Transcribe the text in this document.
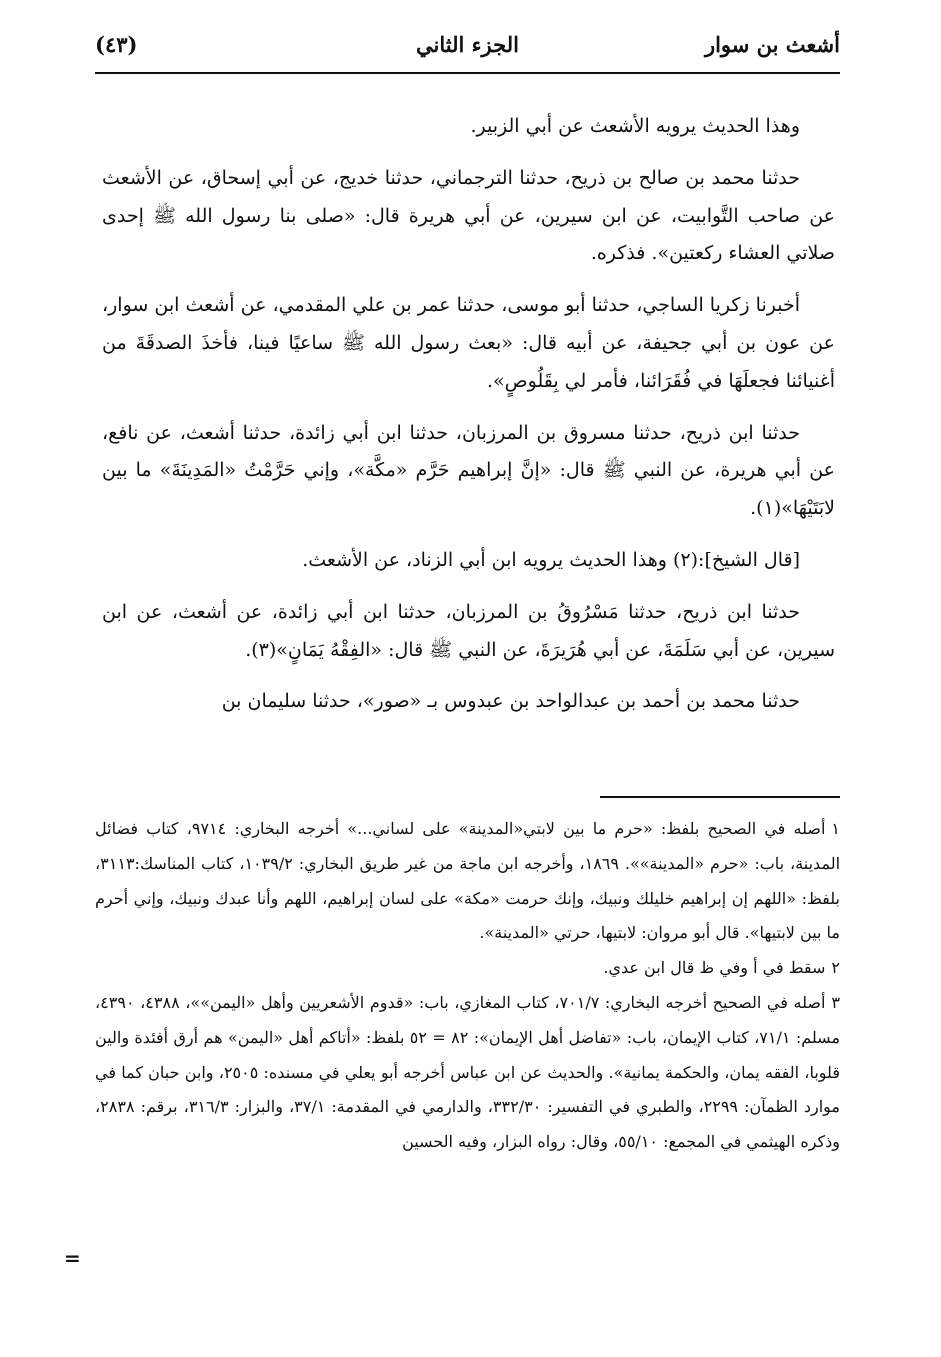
أشعث بن سوار
الجزء الثاني
(٤٣)

وهذا الحديث يرويه الأشعث عن أبي الزبير.

حدثنا محمد بن صالح بن ذريح، حدثنا الترجماني، حدثنا خديج، عن أبي إسحاق، عن الأشعث عن صاحب التَّوابيت، عن ابن سيرين، عن أبي هريرة قال: «صلى بنا رسول الله ﷺ إحدى صلاتي العشاء ركعتين». فذكره.

أخبرنا زكريا الساجي، حدثنا أبو موسى، حدثنا عمر بن علي المقدمي، عن أشعث ابن سوار، عن عون بن أبي جحيفة، عن أبيه قال: «بعث رسول الله ﷺ ساعيًا فينا، فأخذَ الصدقَةَ من أغنيائنا فجعلَهَا في فُقَرَائنا، فأمر لي بِقَلُوصٍ».

حدثنا ابن ذريح، حدثنا مسروق بن المرزبان، حدثنا ابن أبي زائدة، حدثنا أشعث، عن نافع، عن أبي هريرة، عن النبي ﷺ قال: «إنَّ إبراهيم حَرَّم «مكَّة»، وإني حَرَّمْتُ «المَدِينَةَ» ما بين لابَتَيْهَا»(١).

[قال الشيخ]:(٢) وهذا الحديث يرويه ابن أبي الزناد، عن الأشعث.

حدثنا ابن ذريح، حدثنا مَسْرُوقُ بن المرزبان، حدثنا ابن أبي زائدة، عن أشعث، عن ابن سيرين، عن أبي سَلَمَةَ، عن أبي هُرَيرَةَ، عن النبي ﷺ قال: «الفِقْهُ يَمَانٍ»(٣).

حدثنا محمد بن أحمد بن عبدالواحد بن عبدوس بـ «صور»، حدثنا سليمان بن

١أصله في الصحيح بلفظ: «حرم ما بين لابتي«المدينة» على لساني...» أخرجه البخاري: ٩٧١٤، كتاب فضائل المدينة، باب: «حرم «المدينة»». ١٨٦٩، وأخرجه ابن ماجة من غير طريق البخاري: ١٠٣٩/٢، كتاب المناسك:٣١١٣، بلفظ: «اللهم إن إبراهيم خليلك ونبيك، وإنك حرمت «مكة» على لسان إبراهيم، اللهم وأنا عبدك ونبيك، وإني أحرم ما بين لابتيها». قال أبو مروان: لابتيها، حرتي «المدينة».

٢سقط في أ وفي ظ قال ابن عدي.

٣أصله في الصحيح أخرجه البخاري: ٧٠١/٧، كتاب المغازي، باب: «قدوم الأشعريين وأهل «اليمن»»، ٤٣٨٨، ٤٣٩٠، مسلم: ٧١/١، كتاب الإيمان، باب: «تفاضل أهل الإيمان»: ٨٢ = ٥٢ بلفظ: «أتاكم أهل «اليمن» هم أرق أفئدة والين قلوبا، الفقه يمان، والحكمة يمانية». والحديث عن ابن عباس أخرجه أبو يعلي في مسنده: ٢٥٠٥، وابن حبان كما في موارد الظمآن: ٢٢٩٩، والطبري في التفسير: ٣٣٢/٣٠، والدارمي في المقدمة: ٣٧/١، والبزار: ٣١٦/٣، برقم: ٢٨٣٨، وذكره الهيثمي في المجمع: ٥٥/١٠، وقال: رواه البزار، وفيه الحسين

=
